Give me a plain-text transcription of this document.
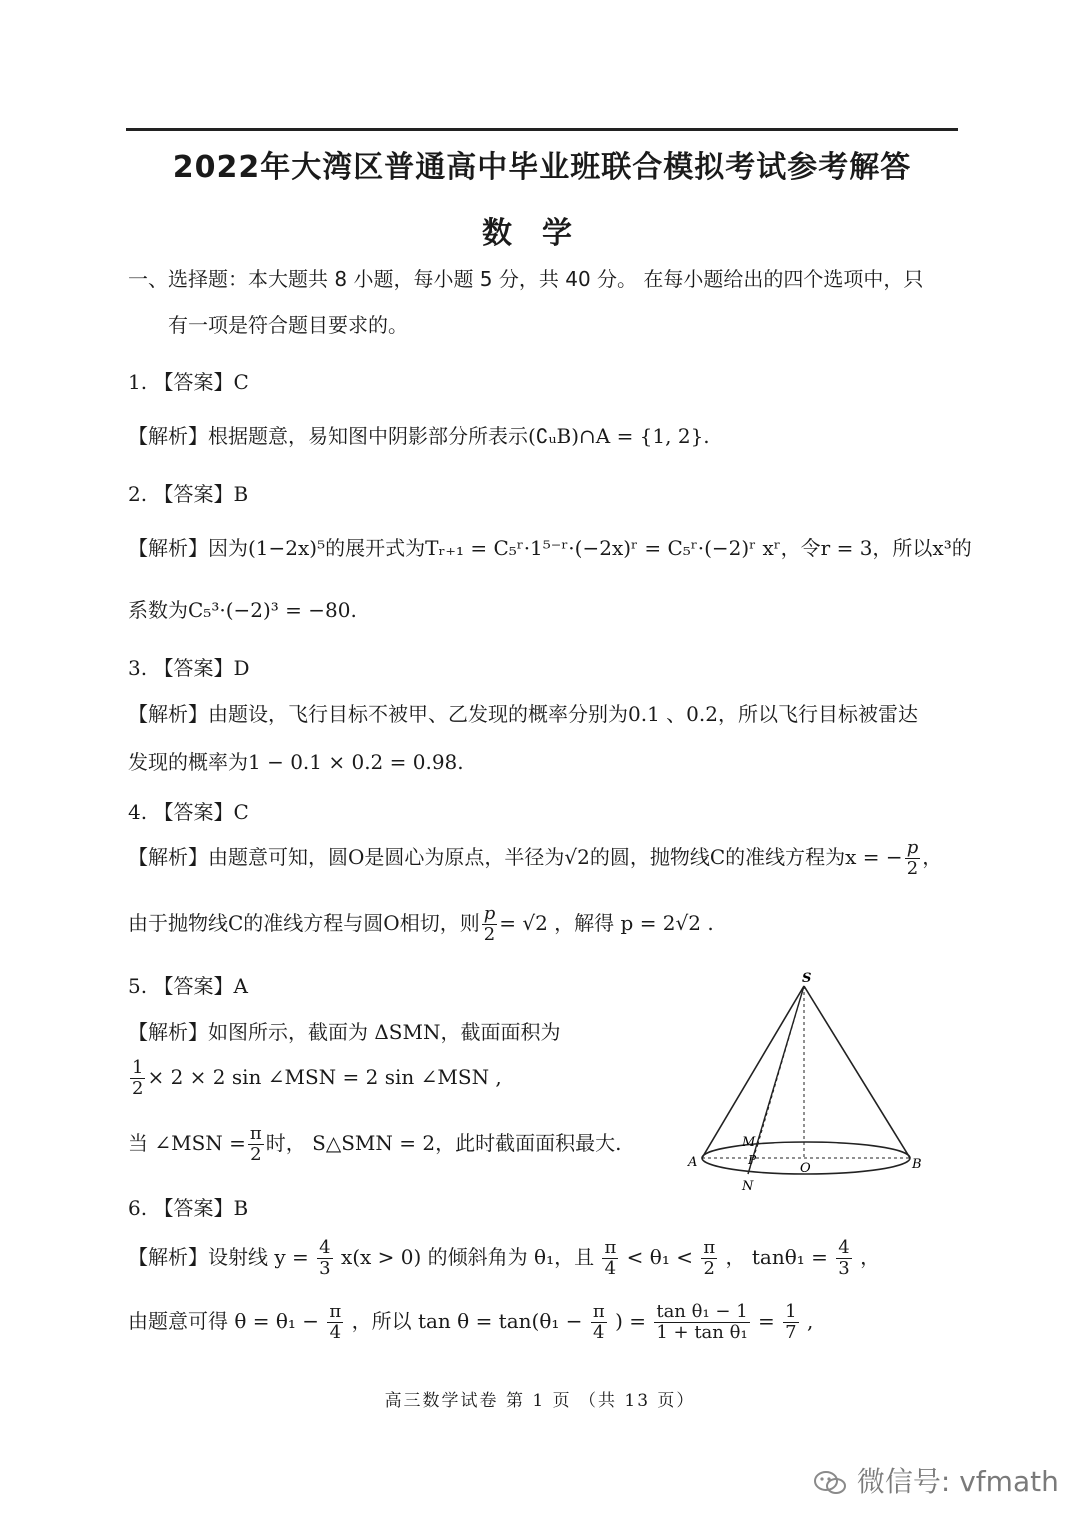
2022年大湾区普通高中毕业班联合模拟考试参考解答
数学
一、选择题：本大题共 8 小题，每小题 5 分，共 40 分。 在每小题给出的四个选项中，只
有一项是符合题目要求的。
1. 【答案】C
【解析】根据题意，易知图中阴影部分所表示(∁ᵤB)∩A = {1, 2}.
2. 【答案】B
【解析】因为(1−2x)⁵的展开式为Tᵣ₊₁ = C₅ʳ·1⁵⁻ʳ·(−2x)ʳ = C₅ʳ·(−2)ʳ xʳ，令r = 3，所以x³的
系数为C₅³·(−2)³ = −80.
3. 【答案】D
【解析】由题设，飞行目标不被甲、乙发现的概率分别为0.1 、0.2，所以飞行目标被雷达
发现的概率为1 − 0.1 × 0.2 = 0.98.
4. 【答案】C
【解析】由题意可知，圆O是圆心为原点，半径为√2的圆，抛物线C的准线方程为x = − $\frac{p}{2}$ ，
由于抛物线C的准线方程与圆O相切，则 $\frac{p}{2} = √2$ ，解得 p = 2√2 .
5. 【答案】A
【解析】如图所示，截面为 ΔSMN，截面面积为
$\frac{1}{2} \times 2 \times 2$ sin ∠MSN = 2 sin ∠MSN ,
当 ∠MSN = $\frac{\pi}{2}$ 时， S△SMN = 2，此时截面面积最大.
S
M
P
A	O	B
N
6. 【答案】B
【解析】设射线 $y = \frac{4}{3} x(x > 0)$ 的倾斜角为 θ₁，且 $\frac{\pi}{4} < \theta_1 < \frac{\pi}{2}$ ， $\tan\theta_1 = \frac{4}{3}$ ，
由题意可得 $\theta = \theta_1 - \frac{\pi}{4}$ ，所以 $\tan \theta = \tan(\theta_1 - \frac{\pi}{4}$ ) = $\frac{\text{tan θ₁ − 1}}{\text{1 + tan θ₁}} = \frac{1}{7}$ ,
高三数学试卷 第 1 页 （共 13 页）
微信号: vfmath
